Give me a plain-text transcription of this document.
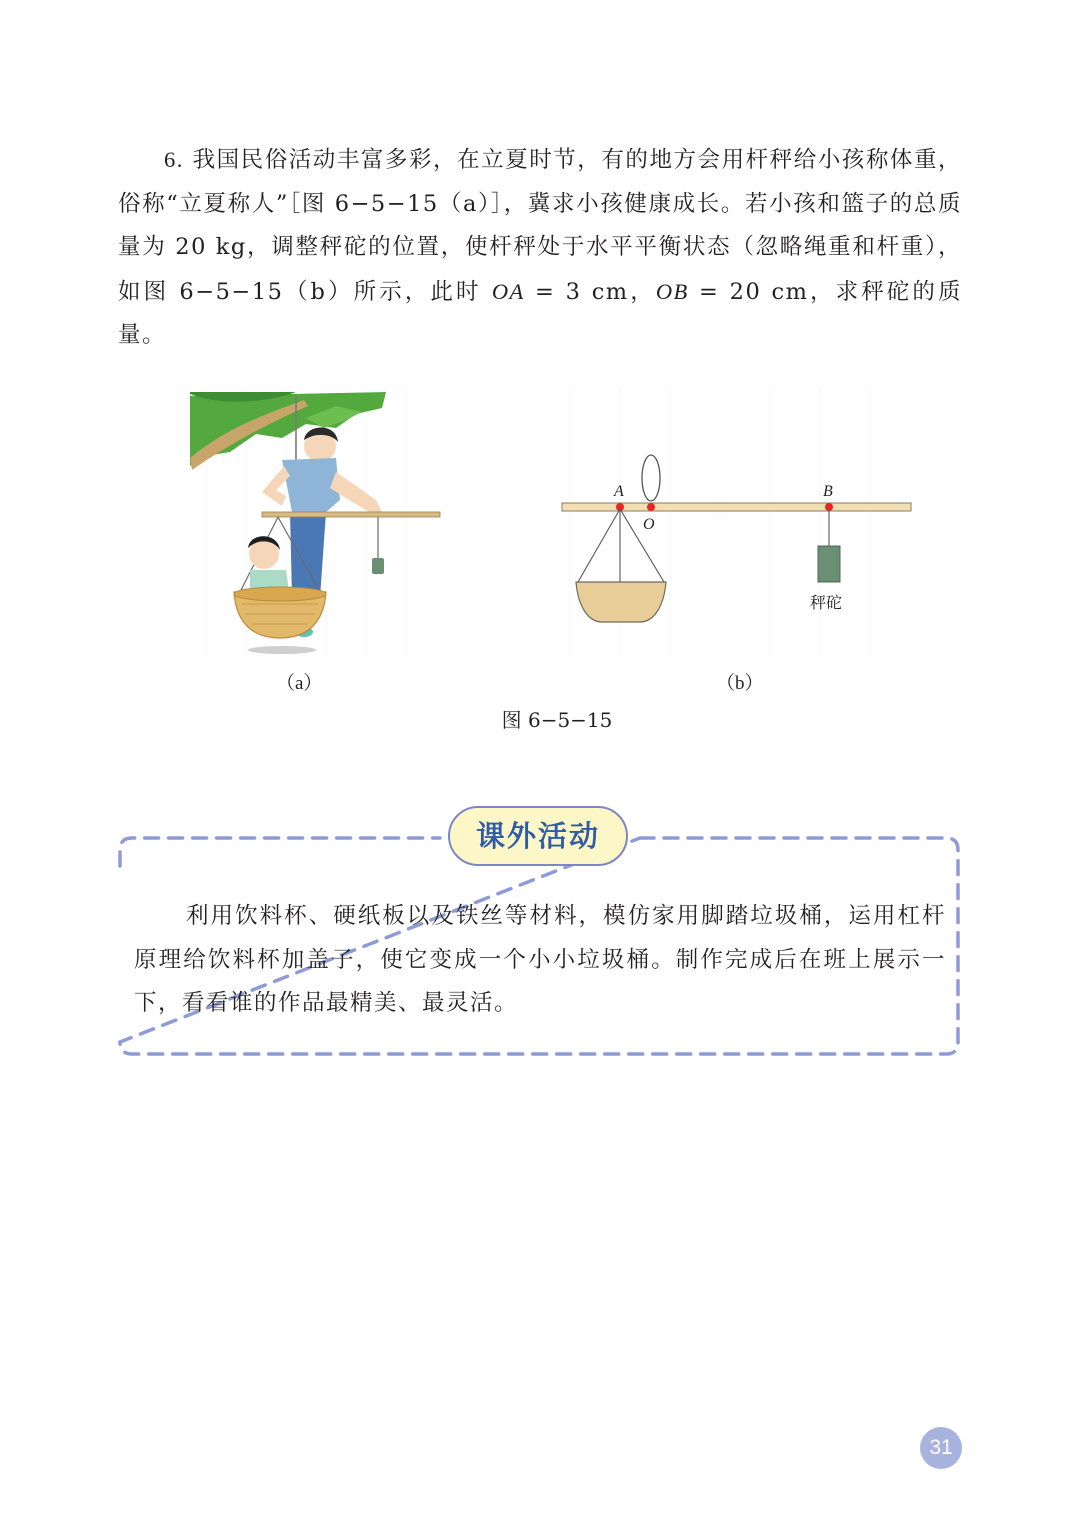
6. 我国民俗活动丰富多彩，在立夏时节，有的地方会用杆秤给小孩称体重，俗称“立夏称人”［图 6−5−15（a）］，冀求小孩健康成长。若小孩和篮子的总质量为 20 kg，调整秤砣的位置，使杆秤处于水平平衡状态（忽略绳重和杆重），如图 6−5−15（b）所示，此时 OA = 3 cm，OB = 20 cm，求秤砣的质量。

A
O
B
秤砣
（a）	（b）
图 6−5−15
课外活动

利用饮料杯、硬纸板以及铁丝等材料，模仿家用脚踏垃圾桶，运用杠杆原理给饮料杯加盖子，使它变成一个小小垃圾桶。制作完成后在班上展示一下，看看谁的作品最精美、最灵活。

31
